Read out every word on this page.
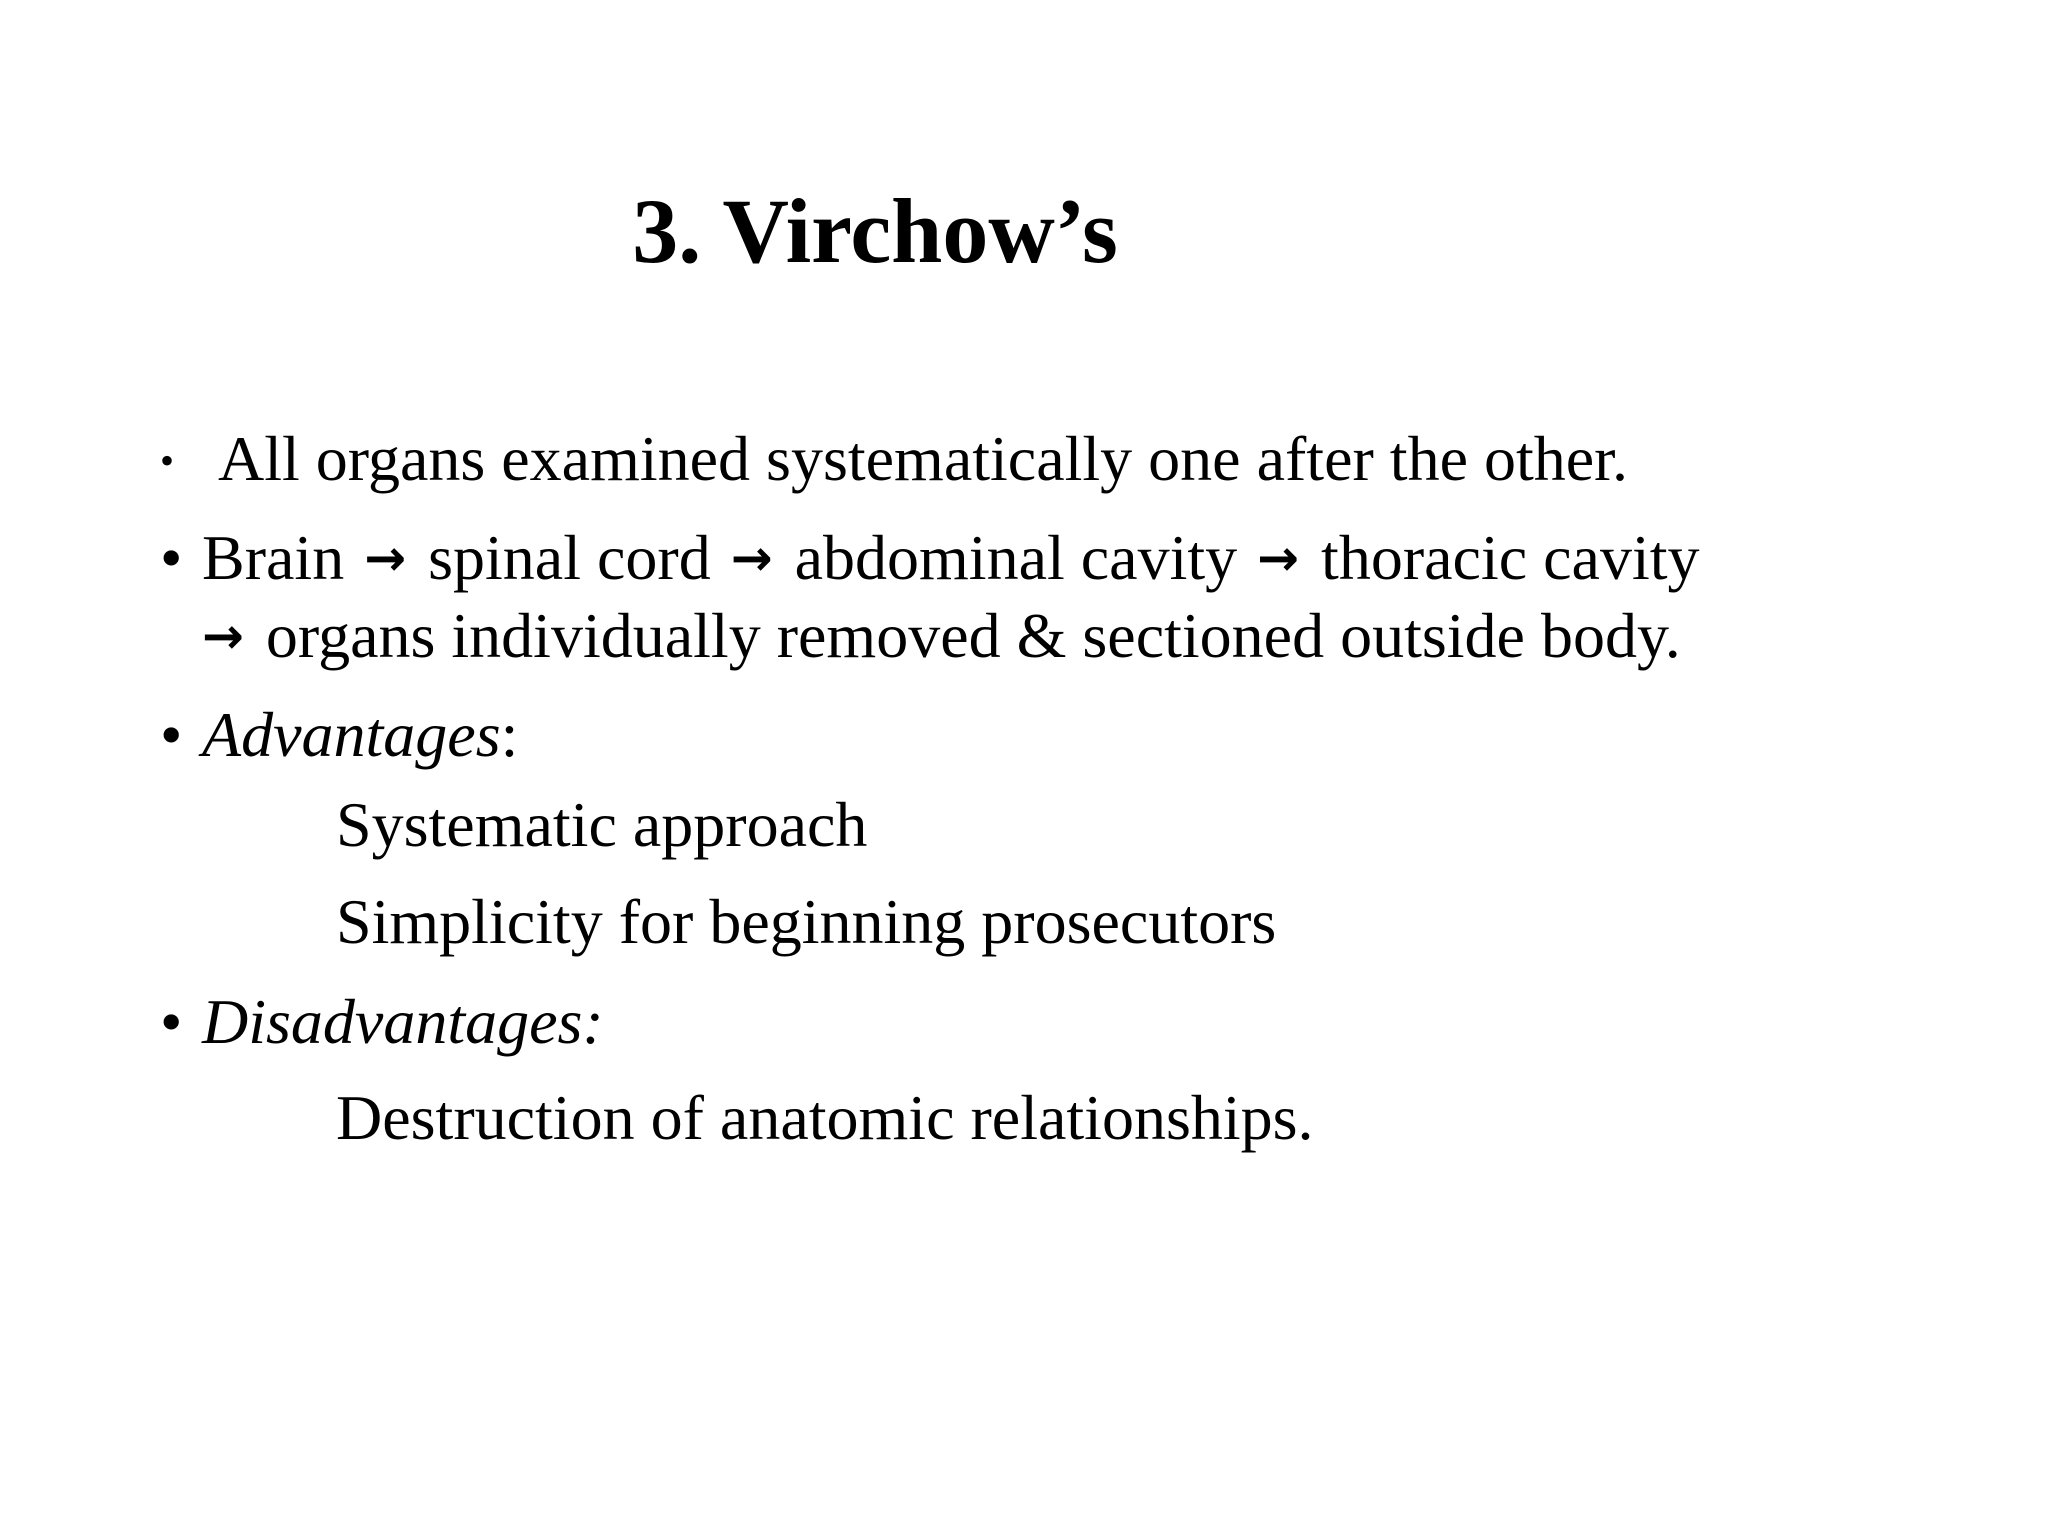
3. Virchow’s
• All organs examined systematically one after the other.
• Brain → spinal cord → abdominal cavity → thoracic cavity
→ organs individually removed & sectioned outside body.
• Advantages:
Systematic approach
Simplicity for beginning prosecutors
• Disadvantages:
Destruction of anatomic relationships.
